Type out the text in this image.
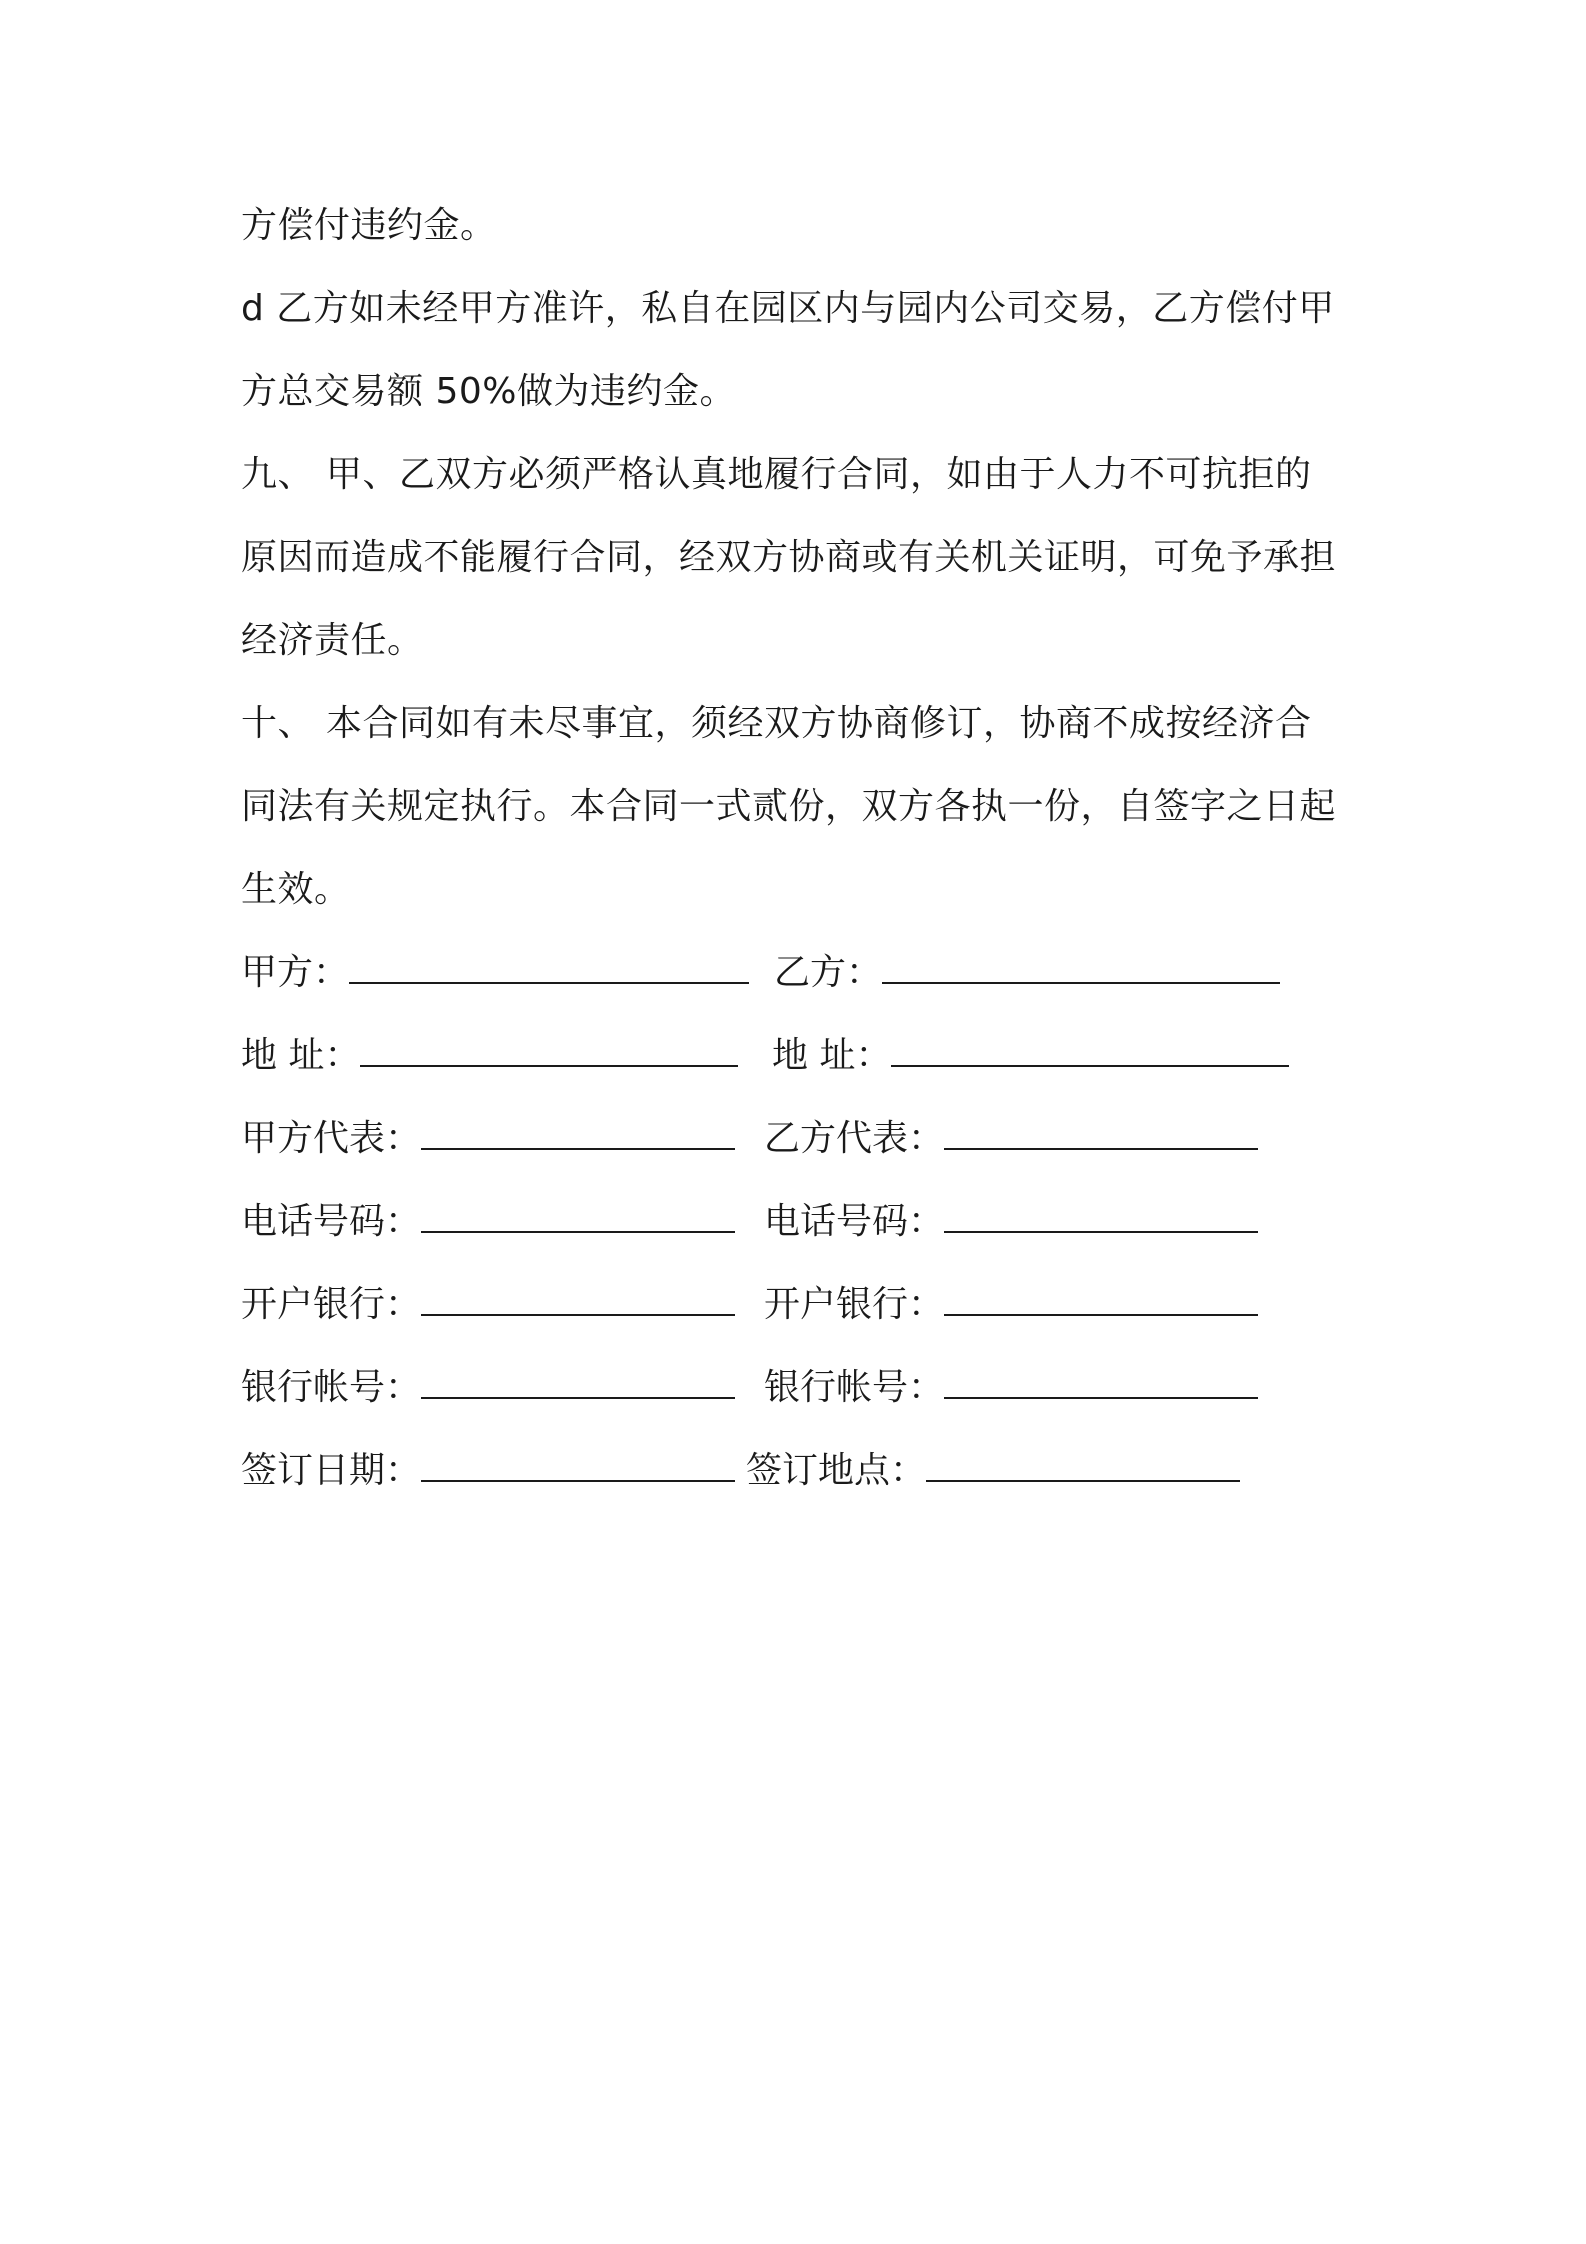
方偿付违约金。
d 乙方如未经甲方准许，私自在园区内与园内公司交易，乙方偿付甲
方总交易额 50%做为违约金。
九、 甲、乙双方必须严格认真地履行合同，如由于人力不可抗拒的
原因而造成不能履行合同，经双方协商或有关机关证明，可免予承担
经济责任。
十、 本合同如有未尽事宜，须经双方协商修订，协商不成按经济合
同法有关规定执行。本合同一式贰份，双方各执一份，自签字之日起
生效。
甲方：	乙方：
地 址：	地 址：
甲方代表：	乙方代表：
电话号码：	电话号码：
开户银行：	开户银行：
银行帐号：	银行帐号：
签订日期：	签订地点：
